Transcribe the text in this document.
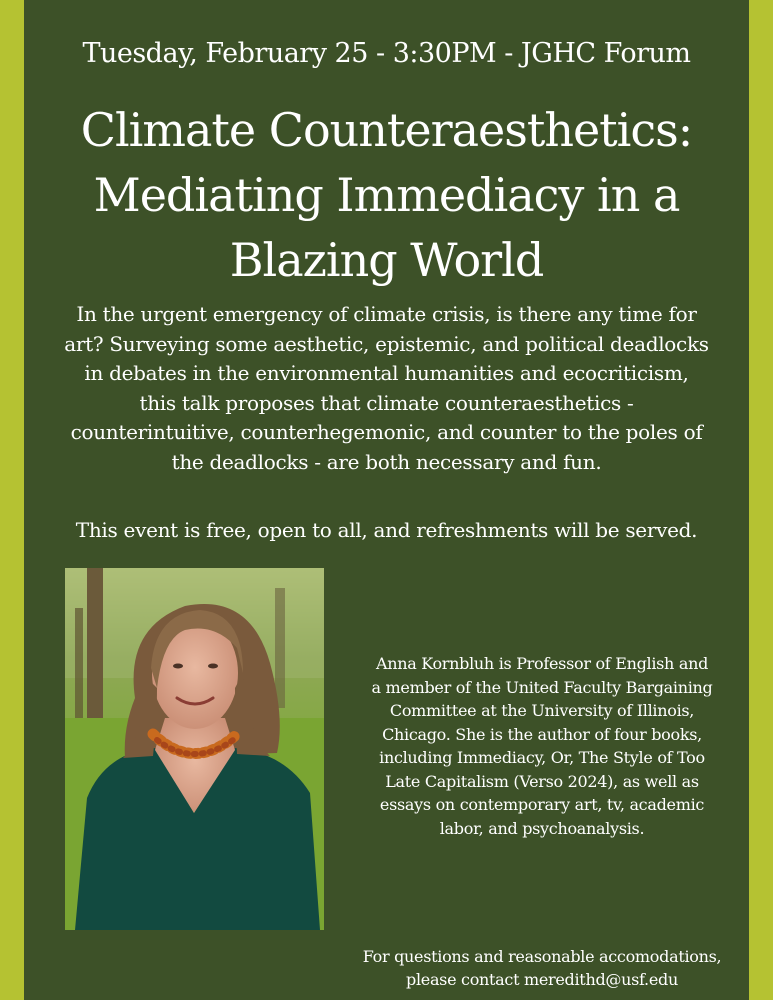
Tuesday, February 25 - 3:30PM - JGHC Forum
Climate Counteraesthetics:
Mediating Immediacy in a
Blazing World
In the urgent emergency of climate crisis, is there any time for
art? Surveying some aesthetic, epistemic, and political deadlocks
in debates in the environmental humanities and ecocriticism,
this talk proposes that climate counteraesthetics -
counterintuitive, counterhegemonic, and counter to the poles of
the deadlocks - are both necessary and fun.
This event is free, open to all, and refreshments will be served.
Anna Kornbluh is Professor of English and
a member of the United Faculty Bargaining
Committee at the University of Illinois,
Chicago. She is the author of four books,
including Immediacy, Or, The Style of Too
Late Capitalism (Verso 2024), as well as
essays on contemporary art, tv, academic
labor, and psychoanalysis.
For questions and reasonable accomodations,
please contact meredithd@usf.edu
